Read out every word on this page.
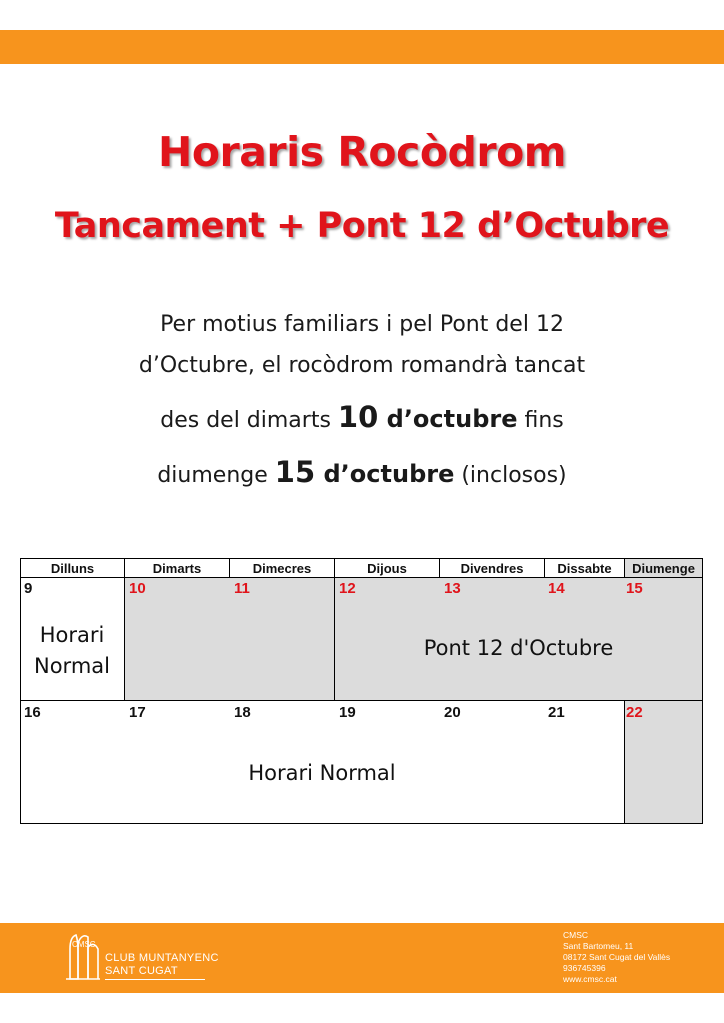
Horaris Rocòdrom
Tancament + Pont 12 d’Octubre
Per motius familiars i pel Pont del 12
d’Octubre, el rocòdrom romandrà tancat
des del dimarts 10 d’octubre fins
diumenge 15 d’octubre (inclosos)
Dilluns	Dimarts	Dimecres	Dijous	Divendres	Dissabte	Diumenge
9	10	11	12	13	14	15
Horari
Normal
Pont 12 d'Octubre
16	17	18	19	20	21	22
Horari Normal
CMSC
CLUB MUNTANYENC
SANT CUGAT
CMSC
Sant Bartomeu, 11
08172 Sant Cugat del Vallès
936745396
www.cmsc.cat
